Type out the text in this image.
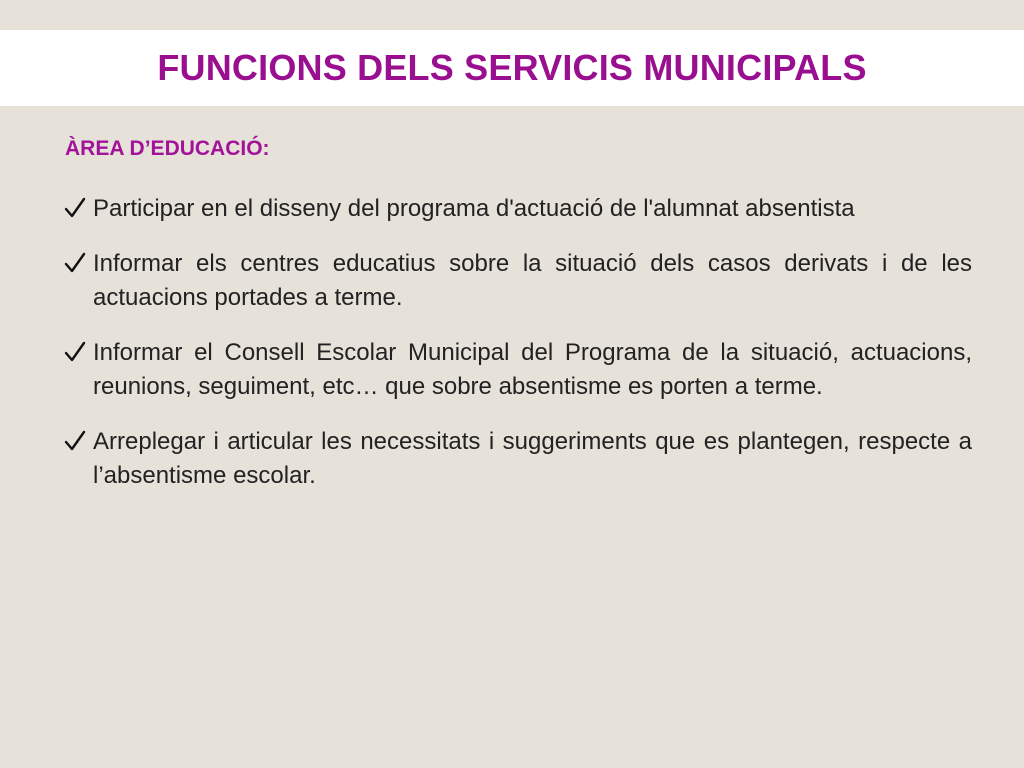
FUNCIONS DELS SERVICIS MUNICIPALS
ÀREA D’EDUCACIÓ:
Participar en el disseny del programa d'actuació de l'alumnat absentista
Informar els centres educatius sobre la situació dels casos derivats i de les actuacions portades a terme.
Informar el Consell Escolar Municipal del Programa de la situació, actuacions, reunions, seguiment, etc… que sobre absentisme es porten a terme.
Arreplegar i articular les necessitats i suggeriments que es plantegen, respecte a l’absentisme escolar.
